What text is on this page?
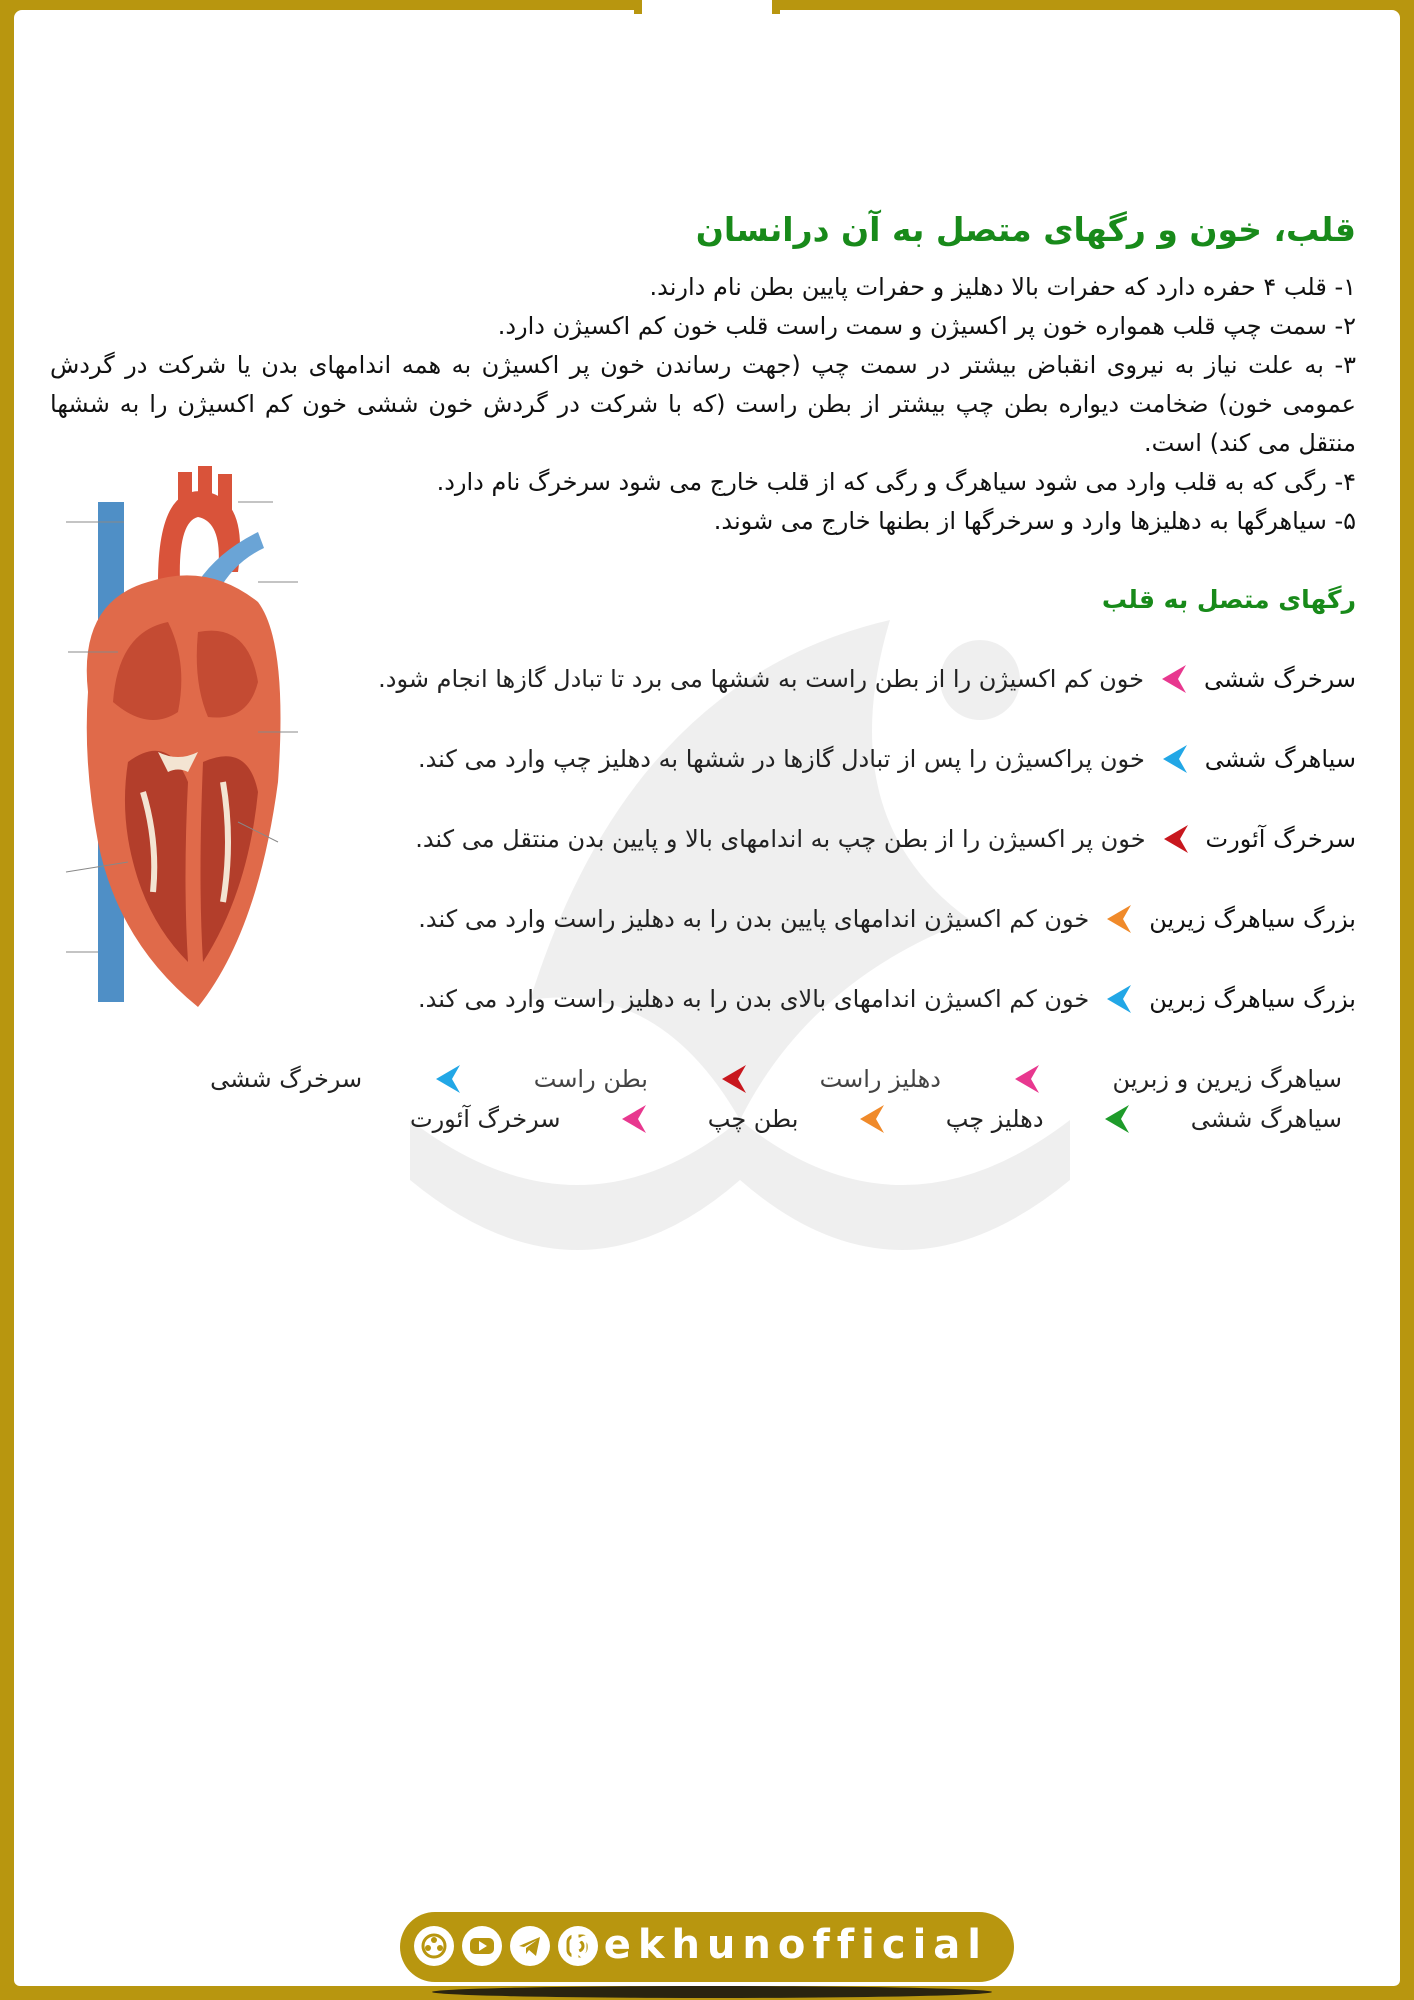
قلب، خون و رگهای متصل به آن درانسان

۱- قلب ۴ حفره دارد که حفرات بالا دهلیز و حفرات پایین بطن نام دارند.

۲- سمت چپ قلب همواره خون پر اکسیژن و سمت راست قلب خون کم اکسیژن دارد.

۳- به علت نیاز به نیروی انقباض بیشتر در سمت چپ (جهت رساندن خون پر اکسیژن به همه اندامهای بدن یا شرکت در گردش عمومی خون) ضخامت دیواره بطن چپ بیشتر از بطن راست (که با شرکت در گردش خون ششی خون کم اکسیژن را به ششها منتقل می کند) است.

۴- رگی که به قلب وارد می شود سیاهرگ و رگی که از قلب خارج می شود سرخرگ نام دارد.

۵- سیاهرگها به دهلیزها وارد و سرخرگها از بطنها خارج می شوند.

رگهای متصل به قلب
سرخرگ ششی
خون کم اکسیژن را از بطن راست به ششها می برد تا تبادل گازها انجام شود.
سیاهرگ ششی
خون پراکسیژن را پس از تبادل گازها در ششها به دهلیز چپ وارد می کند.
سرخرگ آئورت
خون پر اکسیژن را از بطن چپ به اندامهای بالا و پایین بدن منتقل می کند.
بزرگ سیاهرگ زیرین
خون کم اکسیژن اندامهای پایین بدن را به دهلیز راست وارد می کند.
بزرگ سیاهرگ زبرین
خون کم اکسیژن اندامهای بالای بدن را به دهلیز راست وارد می کند.
سیاهرگ زیرین و زبرین
دهلیز راست
بطن راست
سرخرگ ششی
سیاهرگ ششی
دهلیز چپ
بطن چپ
سرخرگ آئورت
bekhunofficial
